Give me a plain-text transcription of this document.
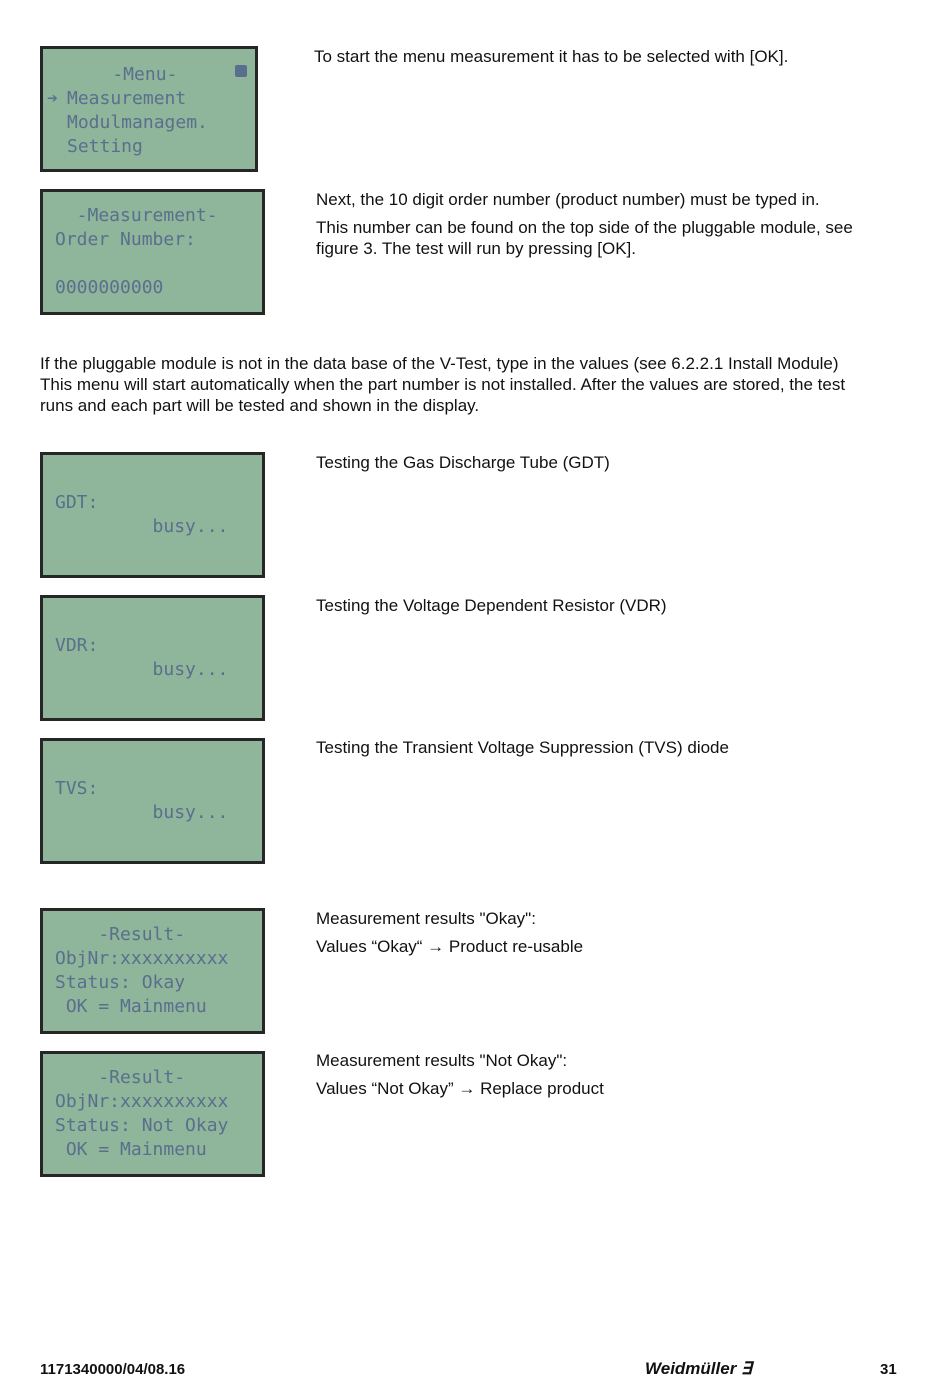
-Menu-
➔ Measurement
Modulmanagem.
Setting
To start the menu measurement it has to be selected with [OK].
-Measurement-
Order Number:
0000000000
Next, the 10 digit order number (product number) must be typed in.
This number can be found on the top side of the pluggable module, see
figure 3. The test will run by pressing [OK].
If the pluggable module is not in the data base of the V-Test, type in the values (see 6.2.2.1 Install Module)
This menu will start automatically when the part number is not installed. After the values are stored, the test
runs and each part will be tested and shown in the display.
GDT:
busy...
Testing the Gas Discharge Tube (GDT)
VDR:
busy...
Testing the Voltage Dependent Resistor (VDR)
TVS:
busy...
Testing the Transient Voltage Suppression (TVS) diode
-Result-
ObjNr:xxxxxxxxxx
Status: Okay
OK = Mainmenu
Measurement results "Okay":
Values “Okay“ → Product re-usable
-Result-
ObjNr:xxxxxxxxxx
Status: Not Okay
OK = Mainmenu
Measurement results "Not Okay":
Values “Not Okay” → Replace product
1171340000/04/08.16	Weidmüller ∃	31
